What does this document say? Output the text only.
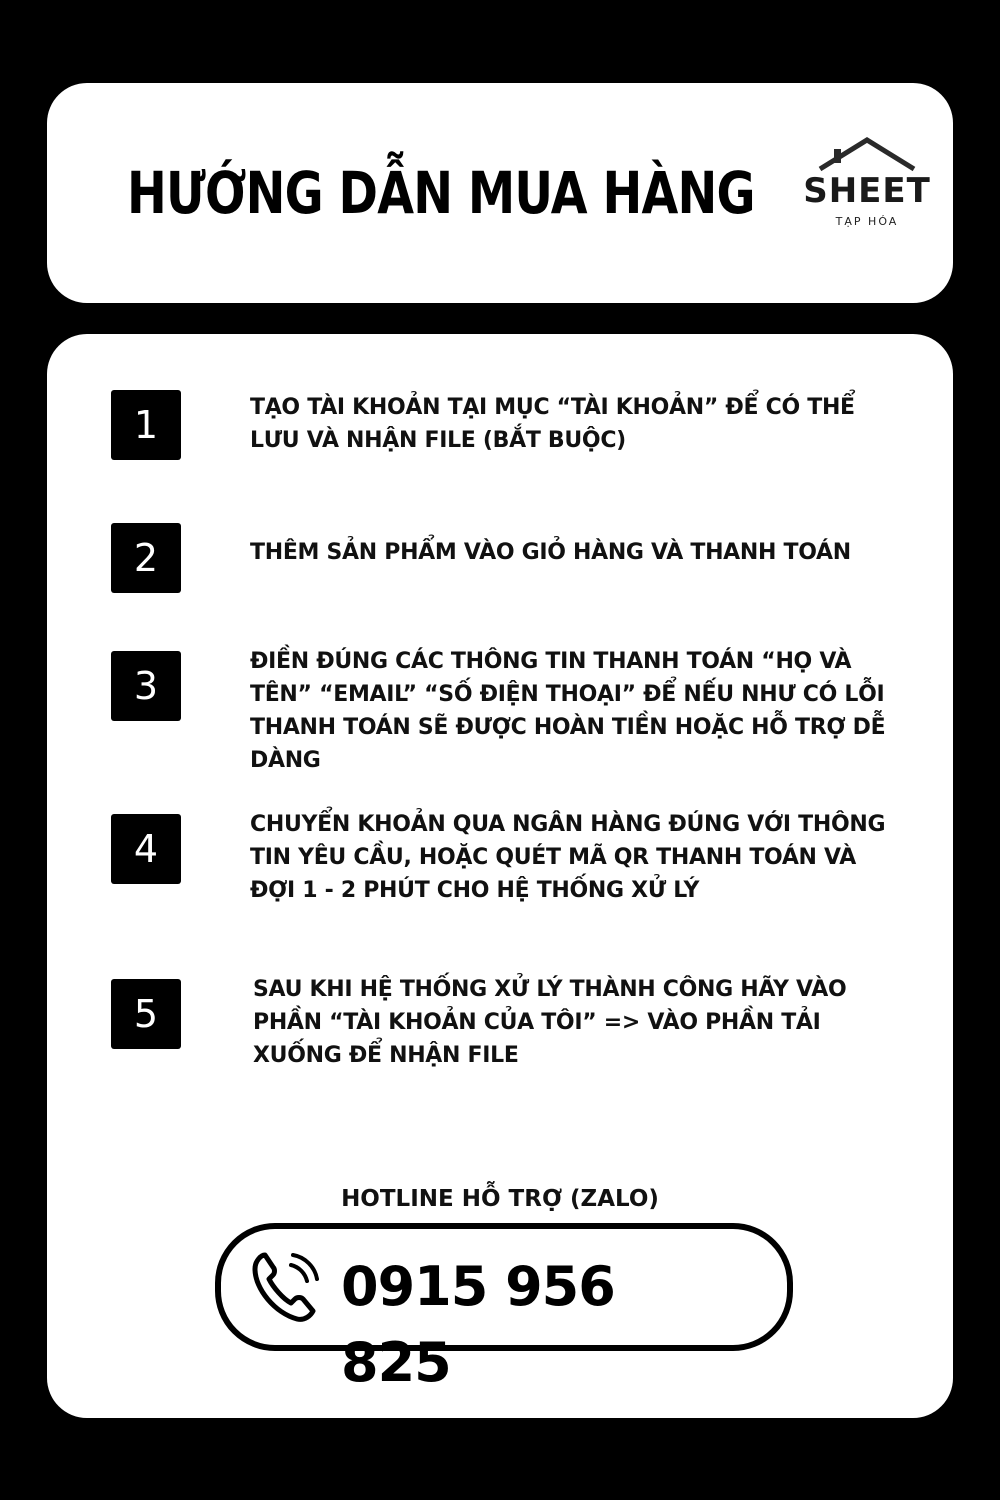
HƯỚNG DẪN MUA HÀNG SHEET
TẠP HÓA
1	TẠO TÀI KHOẢN TẠI MỤC “TÀI KHOẢN” ĐỂ CÓ THỂ LƯU VÀ NHẬN FILE (BẮT BUỘC)
2	THÊM SẢN PHẨM VÀO GIỎ HÀNG VÀ THANH TOÁN
3
ĐIỀN ĐÚNG CÁC THÔNG TIN THANH TOÁN “HỌ VÀ TÊN” “EMAIL” “SỐ ĐIỆN THOẠI” ĐỂ NẾU NHƯ CÓ LỖI THANH TOÁN SẼ ĐƯỢC HOÀN TIỀN HOẶC HỖ TRỢ DỄ DÀNG
4
CHUYỂN KHOẢN QUA NGÂN HÀNG ĐÚNG VỚI THÔNG TIN YÊU CẦU, HOẶC QUÉT MÃ QR THANH TOÁN VÀ ĐỢI 1 - 2 PHÚT CHO HỆ THỐNG XỬ LÝ
5
SAU KHI HỆ THỐNG XỬ LÝ THÀNH CÔNG HÃY VÀO PHẦN “TÀI KHOẢN CỦA TÔI” => VÀO PHẦN TẢI XUỐNG ĐỂ NHẬN FILE
HOTLINE HỖ TRỢ (ZALO)
0915 956 825
